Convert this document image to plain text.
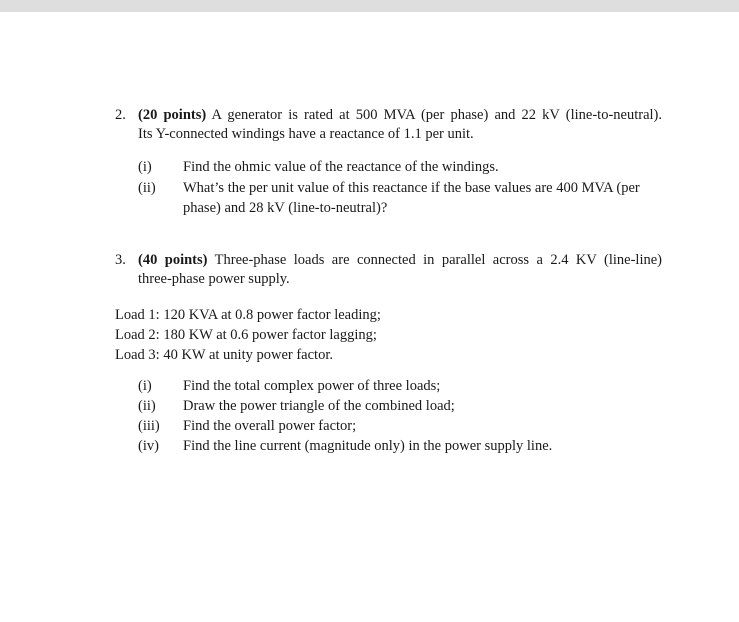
2. (20 points) A generator is rated at 500 MVA (per phase) and 22 kV (line-to-neutral).
Its Y-connected windings have a reactance of 1.1 per unit.
(i) Find the ohmic value of the reactance of the windings.
(ii) What’s the per unit value of this reactance if the base values are 400 MVA (per
phase) and 28 kV (line-to-neutral)?
3. (40 points) Three-phase loads are connected in parallel across a 2.4 KV (line-line)
three-phase power supply.
Load 1: 120 KVA at 0.8 power factor leading;
Load 2: 180 KW at 0.6 power factor lagging;
Load 3: 40 KW at unity power factor.
(i) Find the total complex power of three loads;
(ii) Draw the power triangle of the combined load;
(iii) Find the overall power factor;
(iv) Find the line current (magnitude only) in the power supply line.
